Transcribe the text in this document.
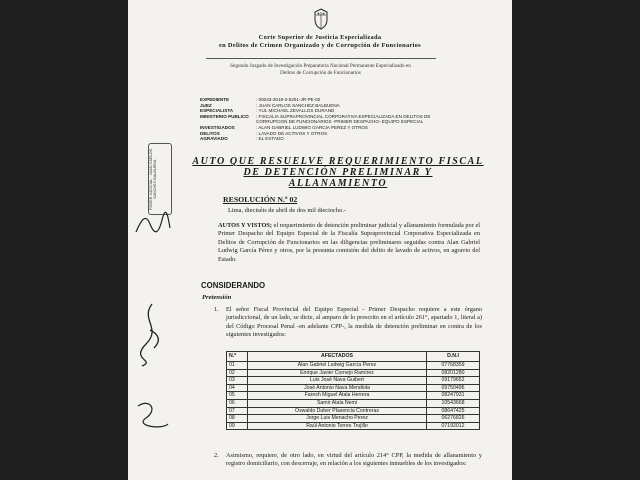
Corte Superior de Justicia Especializada
en Delitos de Crimen Organizado y de Corrupción de Funcionarios
Segundo Juzgado de Investigación Preparatoria Nacional Permanente Especializado en
Delitos de Corrupción de Funcionarios
EXPEDIENTE	: 00043-2018-3-5201-JR-PE-02
JUEZ	: JUAN CARLOS SANCHEZ BALBUENA
ESPECIALISTA	: YUL MICHAEL ZEVALLOS DURAND
MINISTERIO PUBLICO	: FISCALIA SUPRAPROVINCIAL CORPORATIVA ESPECIALIZADA EN DELITOS DE
CORRUPCION DE FUNCIONARIOS -PRIMER DESPACHO- EQUIPO ESPECIAL
INVESTIGADOS	: ALAN GABRIEL LUDWIG GARCIA PEREZ Y OTROS
DELITOS	: LAVADO DE ACTIVOS Y OTROS
AGRAVIADO	: EL ESTADO
AUTO QUE RESUELVE REQUERIMIENTO FISCAL
DE DETENCIÓN PRELIMINAR Y
ALLANAMIENTO
RESOLUCIÓN N.º 02
Lima, dieciséis de abril de dos mil dieciocho.-
AUTOS Y VISTOS; el requerimiento de detención preliminar judicial y allanamiento formulada por el Primer Despacho del Equipo Especial de la Fiscalía Supraprovincial Corporativa Especializada en Delitos de Corrupción de Funcionarios en las diligencias preliminares seguidas contra Alan Gabriel Ludwig García Pérez y otros, por la presunta comisión del delito de lavado de activos, en agravio del Estado.
CONSIDERANDO
Pretensión
1. El señor Fiscal Provincial del Equipo Especial - Primer Despacho requiere a este órgano jurisdiccional, de un lado, se dicte, al amparo de lo prescrito en el artículo 261°, apartado 1, literal a) del Código Procesal Penal -en adelante CPP-, la medida de detención preliminar en contra de los siguientes investigados:
N.º	AFECTADOS	D.N.I
01	Alan Gabriel Ludwig García Perez	07768359
02	Enrique Javier Cornejo Ramírez	08201280
03	Luis José Nava Guibert	09179652
04	José Antonio Nava Mendiola	09750496
05	Faresh Miguel Atala Herrera	08247931
06	Samir Atala Nemi	10543668
07	Oswaldo Duber Plasencia Contreras	08647425
08	Jorge Luis Menacho Perez	06276826
09	Raúl Antonio Torres Trujillo	07192012
2. Asimismo, requiere, de otro lado, en virtud del artículo 214° CPP, la medida de allanamiento y registro domiciliario, con descerraje, en relación a los siguientes inmuebles de los investigados:
PODER JUDICIAL · JUAN CARLOS SANCHEZ BALBUENA
